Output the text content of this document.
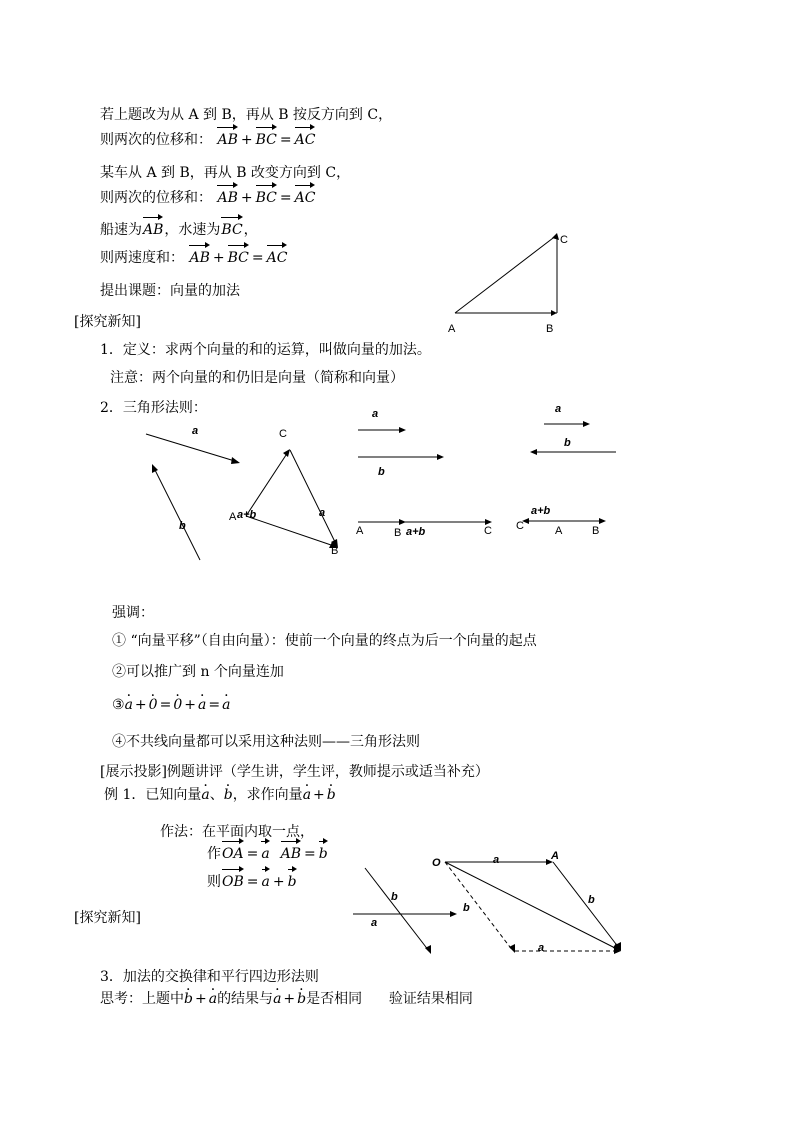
若上题改为从 A 到 B，再从 B 按反方向到 C，
则两次的位移和： AB + BC = AC
某车从 A 到 B，再从 B 改变方向到 C，
则两次的位移和： AB + BC = AC
船速为AB，水速为BC，
则两速度和： AB + BC = AC
提出课题：向量的加法
A	B
C
[探究新知]
1．定义：求两个向量的和的运算，叫做向量的加法。
注意：两个向量的和仍旧是向量（简称和向量）
2．三角形法则：
a
b
C
A a+b	a
B
a
b
A	B a+b	C
a
b
a+b
C	A	B
强调：
① “向量平移”（自由向量）：使前一个向量的终点为后一个向量的起点
②可以推广到 n 个向量连加
③a · + 0 · = 0 · + a · = a ·
④不共线向量都可以采用这种法则——三角形法则
[展示投影]例题讲评（学生讲，学生评，教师提示或适当补充）
例 1．已知向量a ·、b ·，求作向量a · + b ·
作法：在平面内取一点，
作OA = a AB = b
则OB = a + b
[探究新知]
b
a
O
A
a
b
b
a
3．加法的交换律和平行四边形法则
思考：上题中b · + a ·的结果与a · + b ·是否相同 验证结果相同
